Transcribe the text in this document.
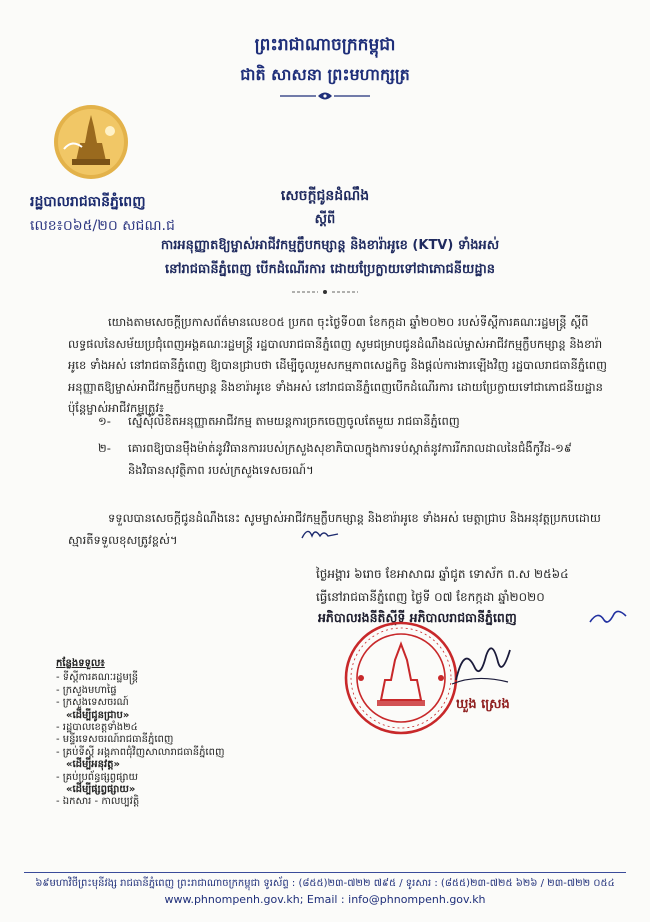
ព្រះរាជាណាចក្រកម្ពុជា
ជាតិ សាសនា ព្រះមហាក្សត្រ
រដ្ឋបាលរាជធានីភ្នំពេញ
លេខ៖០៦៥/២០ សជណ.ជ
សេចក្ដីជូនដំណឹង
ស្ដីពី
ការអនុញ្ញាតឱ្យម្ចាស់អាជីវកម្មក្លឹបកម្សាន្ត និងខារ៉ាអូខេ (KTV) ទាំងអស់
នៅរាជធានីភ្នំពេញ បើកដំណើរការ ដោយប្រែក្លាយទៅជាភោជនីយដ្ឋាន
យោងតាមសេចក្ដីប្រកាសព័ត៌មានលេខ០៥ ប្រកព ចុះថ្ងៃទី០៣ ខែកក្កដា ឆ្នាំ២០២០ របស់ទីស្ដីការគណៈរដ្ឋមន្ត្រី ស្ដីពីលទ្ធផលនៃសម័យប្រជុំពេញអង្គគណៈរដ្ឋមន្ត្រី រដ្ឋបាលរាជធានីភ្នំពេញ សូមជម្រាបជូនដំណឹងដល់ម្ចាស់អាជីវកម្មក្លឹបកម្សាន្ត និងខារ៉ាអូខេ ទាំងអស់ នៅរាជធានីភ្នំពេញ ឱ្យបានជ្រាបថា ដើម្បីចូលរួមសកម្មភាពសេដ្ឋកិច្ច និងផ្ដល់ការងារឡើងវិញ រដ្ឋបាលរាជធានីភ្នំពេញ អនុញ្ញាតឱ្យម្ចាស់អាជីវកម្មក្លឹបកម្សាន្ត និងខារ៉ាអូខេ ទាំងអស់ នៅរាជធានីភ្នំពេញបើកដំណើរការ ដោយប្រែក្លាយទៅជាភោជនីយដ្ឋាន ប៉ុន្ដែម្ចាស់អាជីវកម្មត្រូវ៖
១- ស្នើសុំលិខិតអនុញ្ញាតអាជីវកម្ម តាមយន្តការច្រកចេញចូលតែមួយ រាជធានីភ្នំពេញ
២- គោរពឱ្យបានម៉ឹងម៉ាត់នូវវិធានការរបស់ក្រសួងសុខាភិបាលក្នុងការទប់ស្កាត់នូវការរីករាលដាលនៃជំងឺកូវីដ-១៩
និងវិធានសុវត្ថិភាព របស់ក្រសួងទេសចរណ៍។
ទទួលបានសេចក្ដីជូនដំណឹងនេះ សូមម្ចាស់អាជីវកម្មក្លឹបកម្សាន្ត និងខារ៉ាអូខេ ទាំងអស់ មេត្តាជ្រាប និងអនុវត្តប្រកបដោយស្មារតីទទួលខុសត្រូវខ្ពស់។
ថ្ងៃអង្គារ ៦រោច ខែអាសាឍ ឆ្នាំជូត ទោស័ក ព.ស ២៥៦៤
ធ្វើនៅរាជធានីភ្នំពេញ ថ្ងៃទី ០៧ ខែកក្កដា ឆ្នាំ២០២០
អភិបាលរងនីតិស្ដីទី អភិបាលរាជធានីភ្នំពេញ
ឃួង ស្រេង
កន្លែងទទួល៖
- ទីស្ដីការគណៈរដ្ឋមន្ត្រី
- ក្រសួងមហាផ្ទៃ
- ក្រសួងទេសចរណ៍
«ដើម្បីជូនជ្រាប»
- រដ្ឋបាលខេត្តទាំង២៤
- មន្ទីរទេសចរណ៍រាជធានីភ្នំពេញ
- គ្រប់ទីស្ដី អង្គភាពជុំវិញសាលារាជធានីភ្នំពេញ
«ដើម្បីអនុវត្ត»
- គ្រប់ប្រព័ន្ធផ្សព្វផ្សាយ
«ដើម្បីផ្សព្វផ្សាយ»
- ឯកសារ - កាលប្បវត្តិ
៦៩មហាវិថីព្រះមុនីវង្ស រាជធានីភ្នំពេញ ព្រះរាជាណាចក្រកម្ពុជា ទូរស័ព្ទ : (៨៥៥)២៣-៧២២ ៧៩៥ / ទូរសារ : (៨៥៥)២៣-៧២៥ ៦២៦ / ២៣-៧២២ ០៥៤
www.phnompenh.gov.kh; Email : info@phnompenh.gov.kh
